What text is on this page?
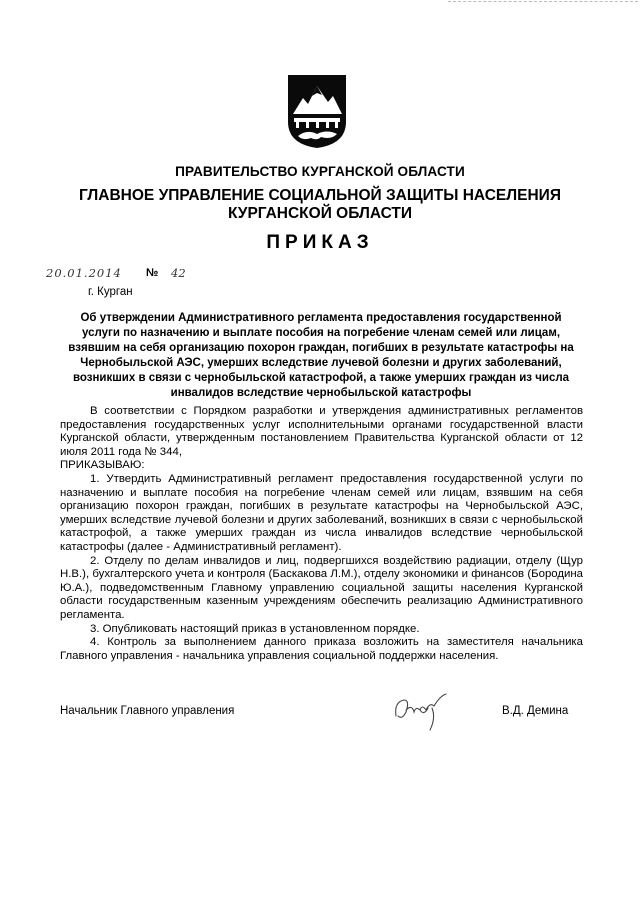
ПРАВИТЕЛЬСТВО КУРГАНСКОЙ ОБЛАСТИ
ГЛАВНОЕ УПРАВЛЕНИЕ СОЦИАЛЬНОЙ ЗАЩИТЫ НАСЕЛЕНИЯ
КУРГАНСКОЙ ОБЛАСТИ
ПРИКАЗ
20.01.2014 № 42
г. Курган
Об утверждении Административного регламента предоставления государственной услуги по назначению и выплате пособия на погребение членам семей или лицам, взявшим на себя организацию похорон граждан, погибших в результате катастрофы на Чернобыльской АЭС, умерших вследствие лучевой болезни и других заболеваний, возникших в связи с чернобыльской катастрофой, а также умерших граждан из числа инвалидов вследствие чернобыльской катастрофы

В соответствии с Порядком разработки и утверждения административных регламентов предоставления государственных услуг исполнительными органами государственной власти Курганской области, утвержденным постановлением Правительства Курганской области от 12 июля 2011 года № 344,

ПРИКАЗЫВАЮ:

1. Утвердить Административный регламент предоставления государственной услуги по назначению и выплате пособия на погребение членам семей или лицам, взявшим на себя организацию похорон граждан, погибших в результате катастрофы на Чернобыльской АЭС, умерших вследствие лучевой болезни и других заболеваний, возникших в связи с чернобыльской катастрофой, а также умерших граждан из числа инвалидов вследствие чернобыльской катастрофы (далее - Административный регламент).

2. Отделу по делам инвалидов и лиц, подвергшихся воздействию радиации, отделу (Щур Н.В.), бухгалтерского учета и контроля (Баскакова Л.М.), отделу экономики и финансов (Бородина Ю.А.), подведомственным Главному управлению социальной защиты населения Курганской области государственным казенным учреждениям обеспечить реализацию Административного регламента.

3. Опубликовать настоящий приказ в установленном порядке.

4. Контроль за выполнением данного приказа возложить на заместителя начальника Главного управления - начальника управления социальной поддержки населения.

Начальник Главного управления	В.Д. Демина
